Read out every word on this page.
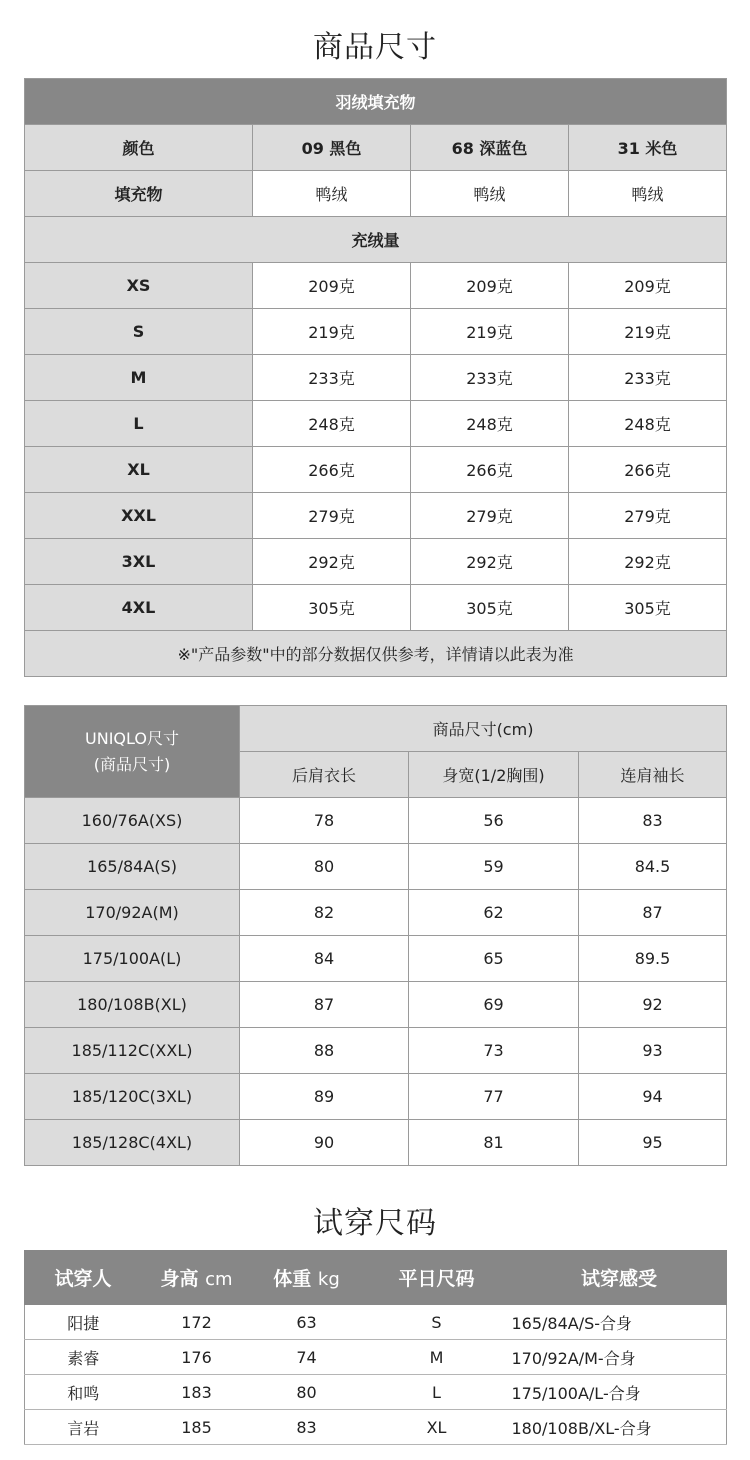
商品尺寸
羽绒填充物			
颜色	09 黑色	68 深蓝色	31 米色
填充物	鸭绒	鸭绒	鸭绒
充绒量			
XS	209克	209克	209克
S	219克	219克	219克
M	233克	233克	233克
L	248克	248克	248克
XL	266克	266克	266克
XXL	279克	279克	279克
3XL	292克	292克	292克
4XL	305克	305克	305克
※"产品参数"中的部分数据仅供参考，详情请以此表为准			
UNIQLO尺寸
(商品尺寸)	商品尺寸(cm)		
	后肩衣长	身宽(1/2胸围)	连肩袖长
160/76A(XS)	78	56	83
165/84A(S)	80	59	84.5
170/92A(M)	82	62	87
175/100A(L)	84	65	89.5
180/108B(XL)	87	69	92
185/112C(XXL)	88	73	93
185/120C(3XL)	89	77	94
185/128C(4XL)	90	81	95
试穿尺码
试穿人	身高 cm	体重 kg	平日尺码	试穿感受
阳捷	172	63	S	165/84A/S-合身
素睿	176	74	M	170/92A/M-合身
和鸣	183	80	L	175/100A/L-合身
言岩	185	83	XL	180/108B/XL-合身
